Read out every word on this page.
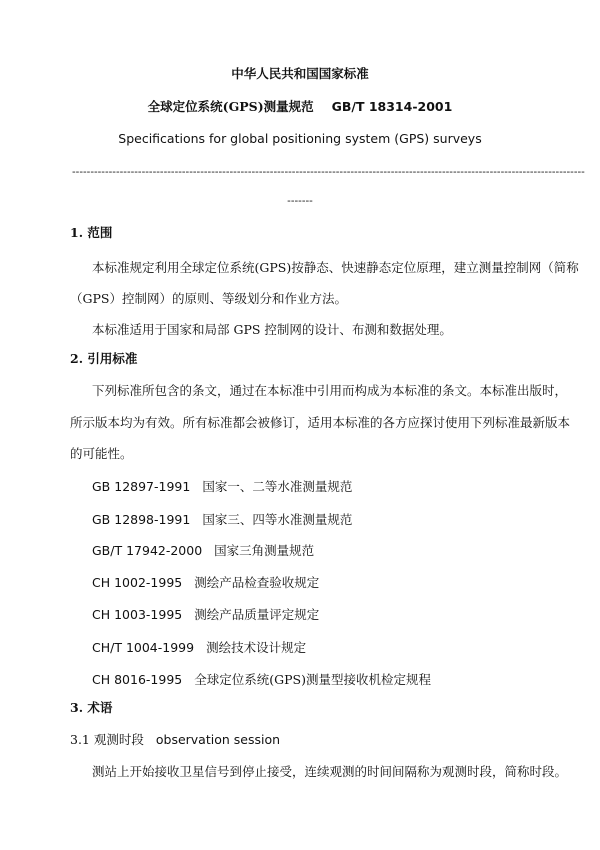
中华人民共和国国家标准
全球定位系统(GPS)测量规范 GB/T 18314-2001
Specifications for global positioning system (GPS) surveys
--------------------------------------------------------------------------------------------------------------------------------------------
-------
1. 范围
本标准规定利用全球定位系统(GPS)按静态、快速静态定位原理，建立测量控制网（简称
（GPS）控制网）的原则、等级划分和作业方法。
本标准适用于国家和局部 GPS 控制网的设计、布测和数据处理。
2. 引用标准
下列标准所包含的条文，通过在本标准中引用而构成为本标准的条文。本标准出版时，
所示版本均为有效。所有标准都会被修订，适用本标准的各方应探讨使用下列标准最新版本
的可能性。
GB 12897-1991 国家一、二等水准测量规范
GB 12898-1991 国家三、四等水准测量规范
GB/T 17942-2000 国家三角测量规范
CH 1002-1995 测绘产品检查验收规定
CH 1003-1995 测绘产品质量评定规定
CH/T 1004-1999 测绘技术设计规定
CH 8016-1995 全球定位系统(GPS)测量型接收机检定规程
3. 术语
3.1 观测时段 observation session
测站上开始接收卫星信号到停止接受，连续观测的时间间隔称为观测时段，简称时段。
